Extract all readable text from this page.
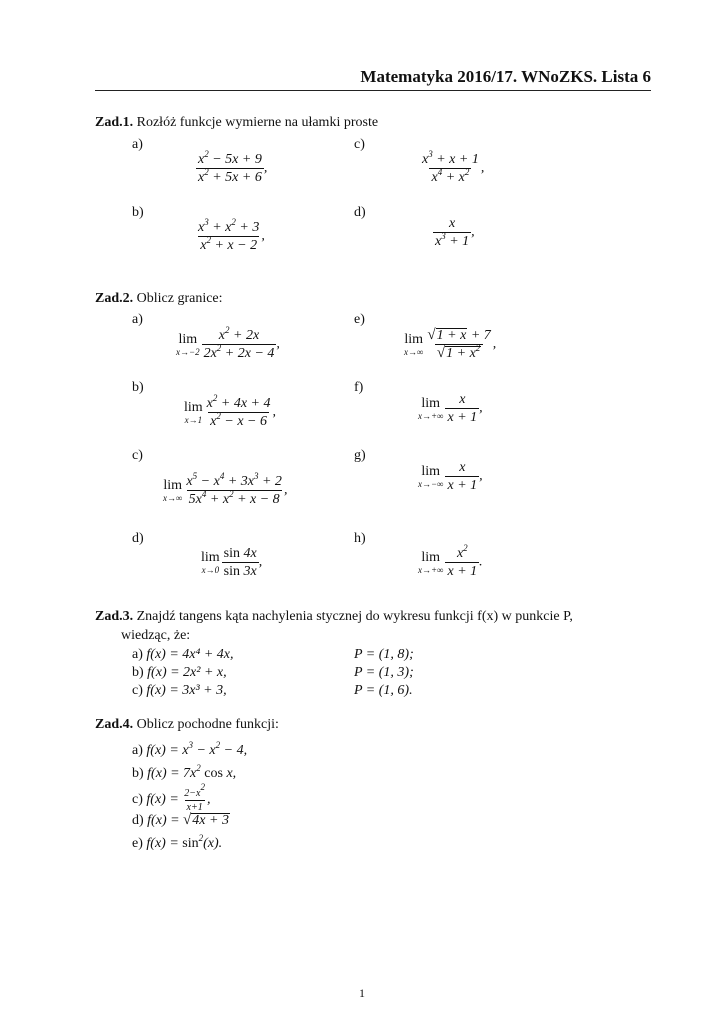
Matematyka 2016/17. WNoZKS. Lista 6
Zad.1. Rozłóż funkcje wymierne na ułamki proste
a)	c)
b)	d)
$\frac{x^2 - 5x + 9}{x^2 + 5x + 6}$ ,	$\frac{x^3 + x + 1}{x^4 + x^2}$ ,
$\frac{x^3 + x^2 + 3}{x^2 + x - 2}$ ,	$\frac{x}{x^3 + 1}$ ,
Zad.2. Oblicz granice:
a)	e)
b)	f)
c)	g)
d)	h)
lim
$x\to-2 \frac{x^2 + 2x}{2x^2 + 2x - 4}$ ,	lim
$x\to\infty \frac{√ 1 + x + 7}{√ 1 + x^2}$ ,
lim
$x\to 1 \frac{x^2 + 4x + 4}{x^2 - x - 6}$ ,
lim
$x\to+\infty \frac{x}{x + 1}$ ,
lim
$x\to\infty \frac{x^5 - x^4 + 3x^3 + 2}{5x^4 + x^2 + x - 8}$ ,
lim
$x\to-\infty \frac{x}{x + 1}$ ,
lim
$x\to 0 \frac{\sin 4x}{\sin 3x}$ ,	lim
$x\to+\infty \frac{x^2}{x + 1}$ .
Zad.3. Znajdź tangens kąta nachylenia stycznej do wykresu funkcji f(x) w punkcie P,
wiedząc, że:
a) f(x) = 4x⁴ + 4x,	P = (1, 8);
b) f(x) = 2x² + x,	P = (1, 3);
c) f(x) = 3x³ + 3,	P = (1, 6).
Zad.4. Oblicz pochodne funkcji:
a) $f(x) = x^3 - x^2 - 4$,
b) $f(x) = 7x^2$ cos x,
c) $f(x) = \frac{2-x^2}{x+1}$ ,
d) f(x) = √ 4x + 3
e) $f(x) = \sin^2(x)$.
1
